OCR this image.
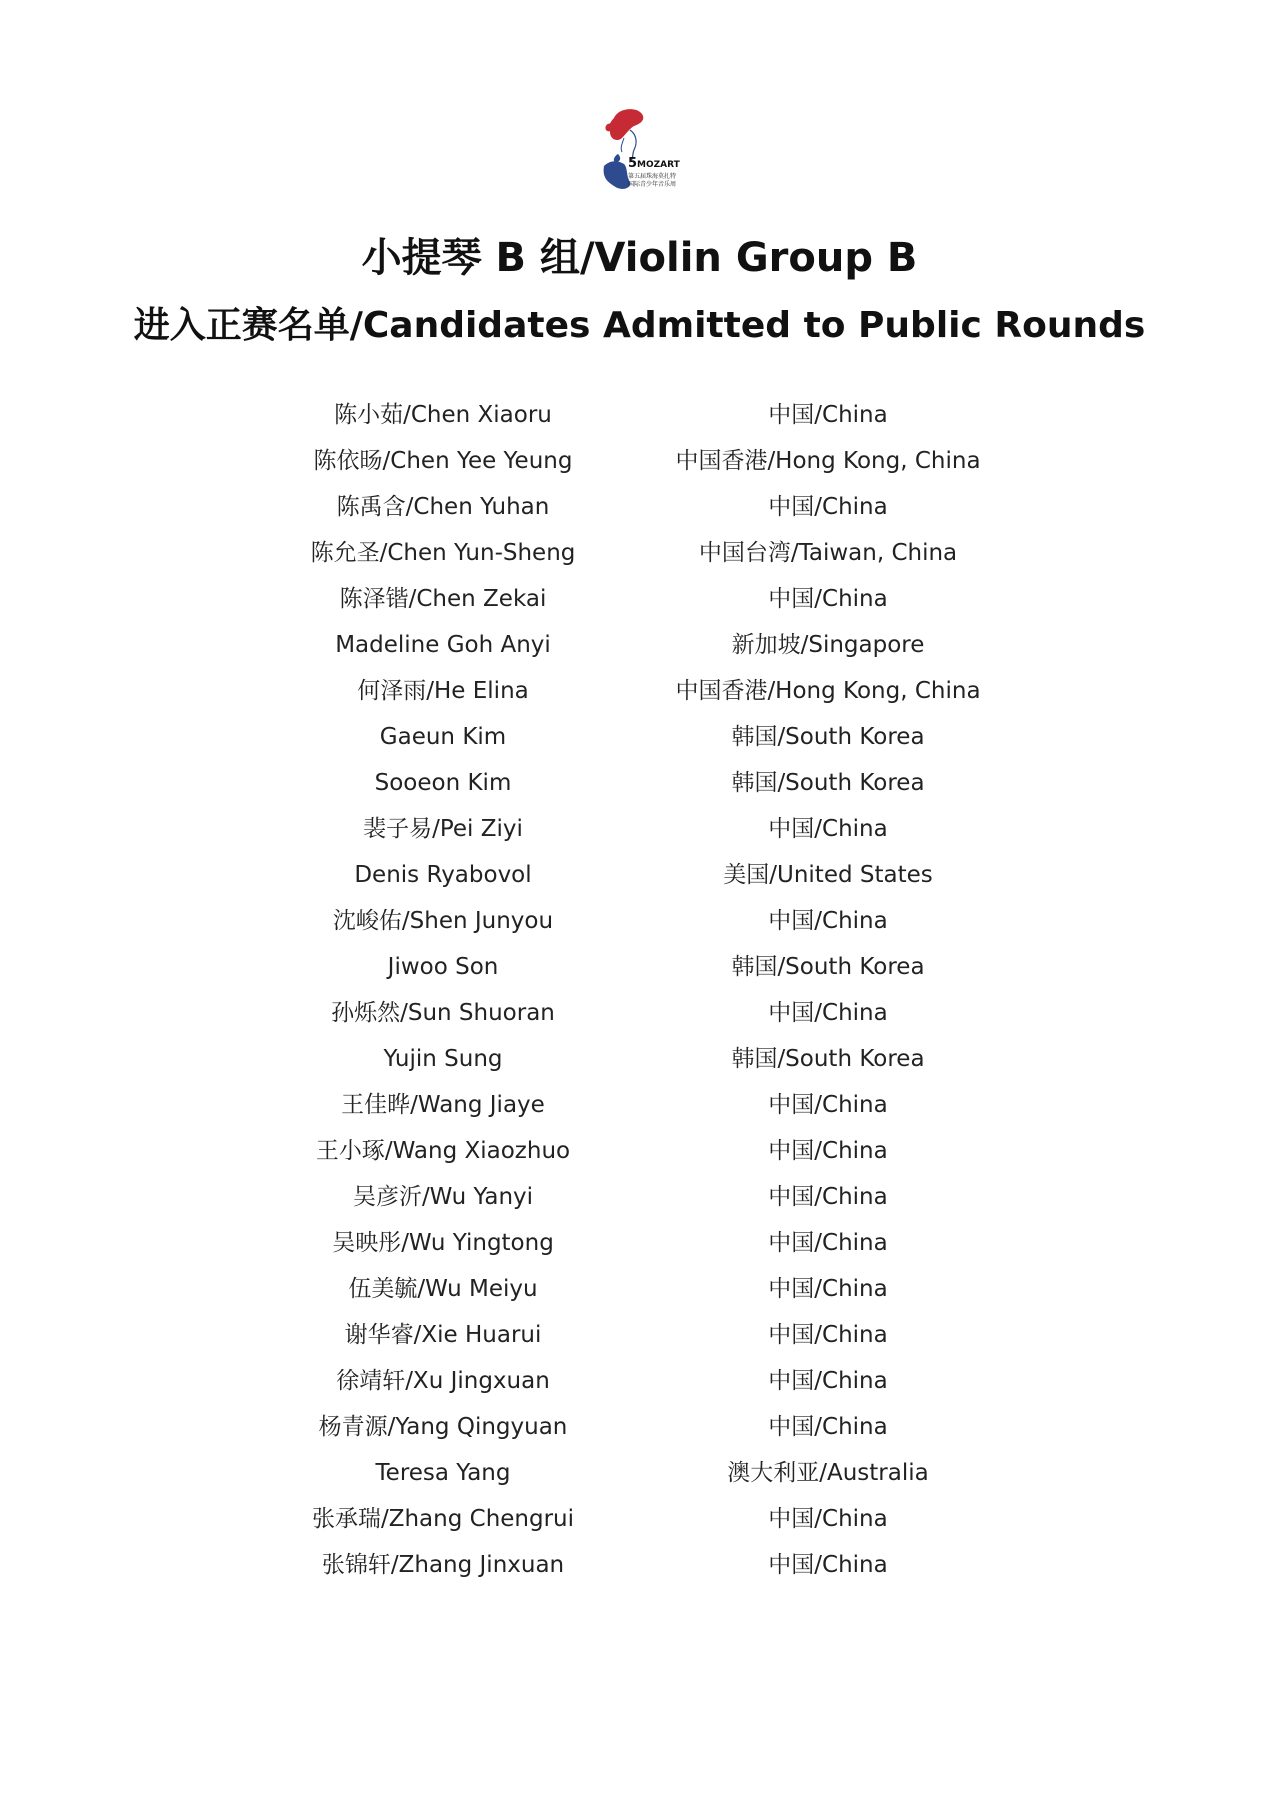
5MOZART
第五届珠海莫扎特
国际青少年音乐周
小提琴 B 组/Violin Group B
进入正赛名单/Candidates Admitted to Public Rounds
陈小茹/Chen Xiaoru	中国/China
陈依旸/Chen Yee Yeung	中国香港/Hong Kong, China
陈禹含/Chen Yuhan	中国/China
陈允圣/Chen Yun-Sheng	中国台湾/Taiwan, China
陈泽锴/Chen Zekai	中国/China
Madeline Goh Anyi	新加坡/Singapore
何泽雨/He Elina	中国香港/Hong Kong, China
Gaeun Kim	韩国/South Korea
Sooeon Kim	韩国/South Korea
裴子易/Pei Ziyi	中国/China
Denis Ryabovol	美国/United States
沈峻佑/Shen Junyou	中国/China
Jiwoo Son	韩国/South Korea
孙烁然/Sun Shuoran	中国/China
Yujin Sung	韩国/South Korea
王佳晔/Wang Jiaye	中国/China
王小琢/Wang Xiaozhuo	中国/China
吴彦沂/Wu Yanyi	中国/China
吴映彤/Wu Yingtong	中国/China
伍美毓/Wu Meiyu	中国/China
谢华睿/Xie Huarui	中国/China
徐靖轩/Xu Jingxuan	中国/China
杨青源/Yang Qingyuan	中国/China
Teresa Yang	澳大利亚/Australia
张承瑞/Zhang Chengrui	中国/China
张锦轩/Zhang Jinxuan	中国/China
